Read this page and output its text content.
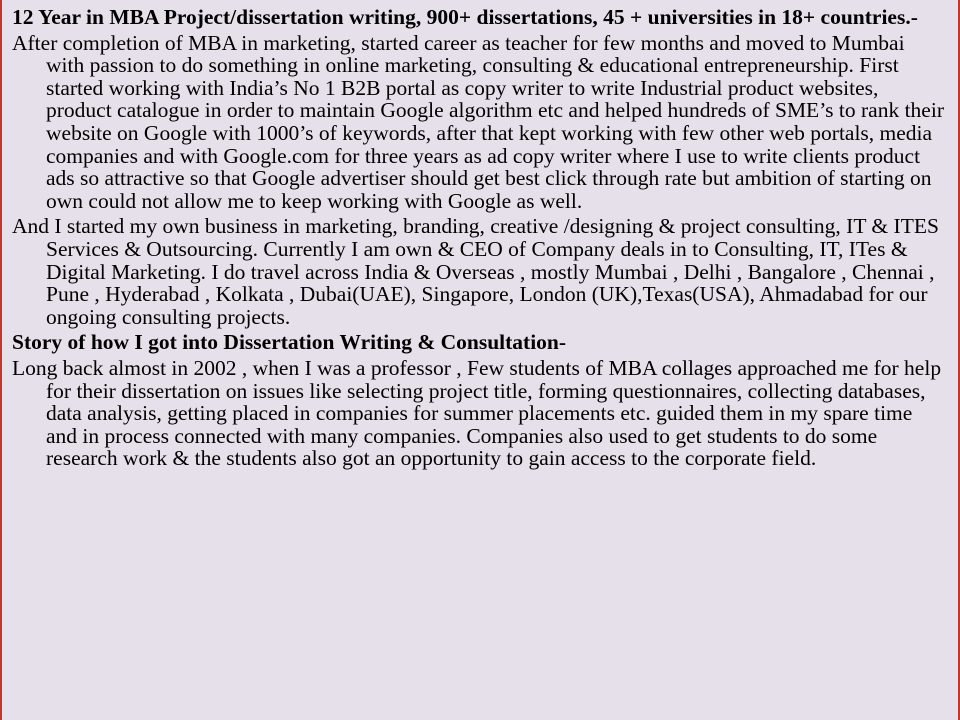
12 Year in MBA Project/dissertation writing, 900+ dissertations, 45 + universities in 18+ countries.-

After completion of MBA in marketing, started career as teacher for few months and moved to Mumbai with passion to do something in online marketing, consulting & educational entrepreneurship. First started working with India’s No 1 B2B portal as copy writer to write Industrial product websites, product catalogue in order to maintain Google algorithm etc and helped hundreds of SME’s to rank their website on Google with 1000’s of keywords, after that kept working with few other web portals, media companies and with Google.com for three years as ad copy writer where I use to write clients product ads so attractive so that Google advertiser should get best click through rate but ambition of starting on own could not allow me to keep working with Google as well.

And I started my own business in marketing, branding, creative /designing & project consulting, IT & ITES Services & Outsourcing. Currently I am own & CEO of Company deals in to Consulting, IT, ITes & Digital Marketing. I do travel across India & Overseas , mostly Mumbai , Delhi , Bangalore , Chennai , Pune , Hyderabad , Kolkata , Dubai(UAE), Singapore, London (UK),Texas(USA), Ahmadabad for our ongoing consulting projects.

Story of how I got into Dissertation Writing & Consultation-

Long back almost in 2002 , when I was a professor , Few students of MBA collages approached me for help for their dissertation on issues like selecting project title, forming questionnaires, collecting databases, data analysis, getting placed in companies for summer placements etc. guided them in my spare time and in process connected with many companies. Companies also used to get students to do some research work & the students also got an opportunity to gain access to the corporate field.
